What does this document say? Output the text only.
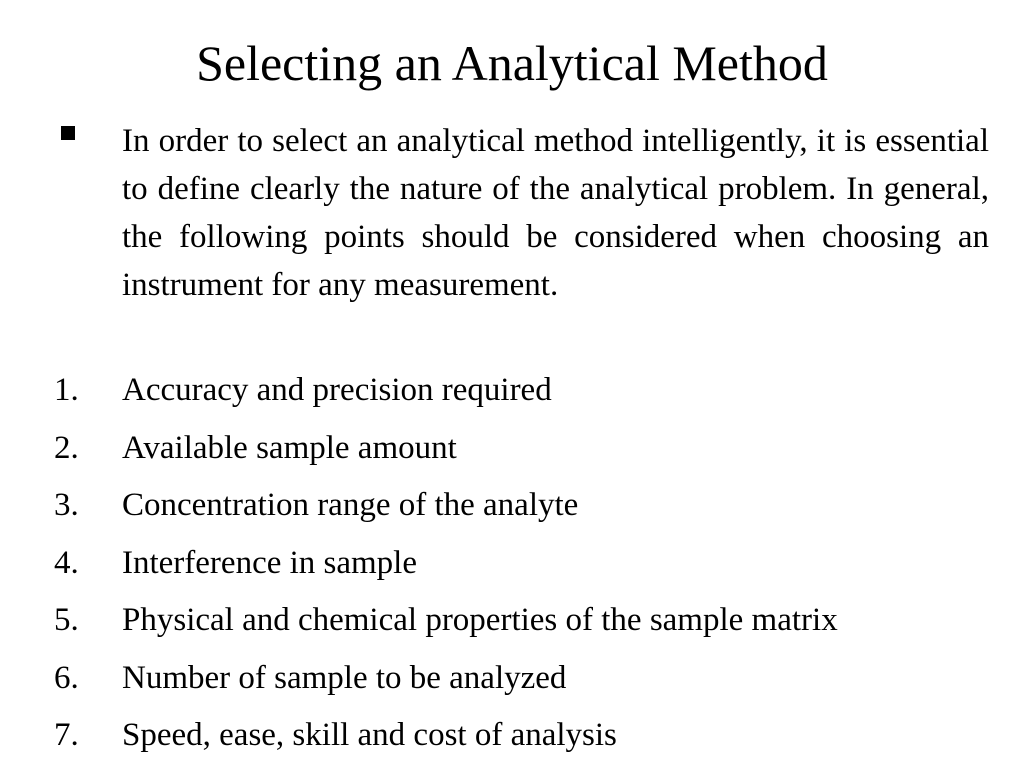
Selecting an Analytical Method

In order to select an analytical method intelligently, it is essential to define clearly the nature of the analytical problem. In general, the following points should be considered when choosing an instrument for any measurement.

1. Accuracy and precision required
2. Available sample amount
3. Concentration range of the analyte
4. Interference in sample
5. Physical and chemical properties of the sample matrix
6. Number of sample to be analyzed
7. Speed, ease, skill and cost of analysis
